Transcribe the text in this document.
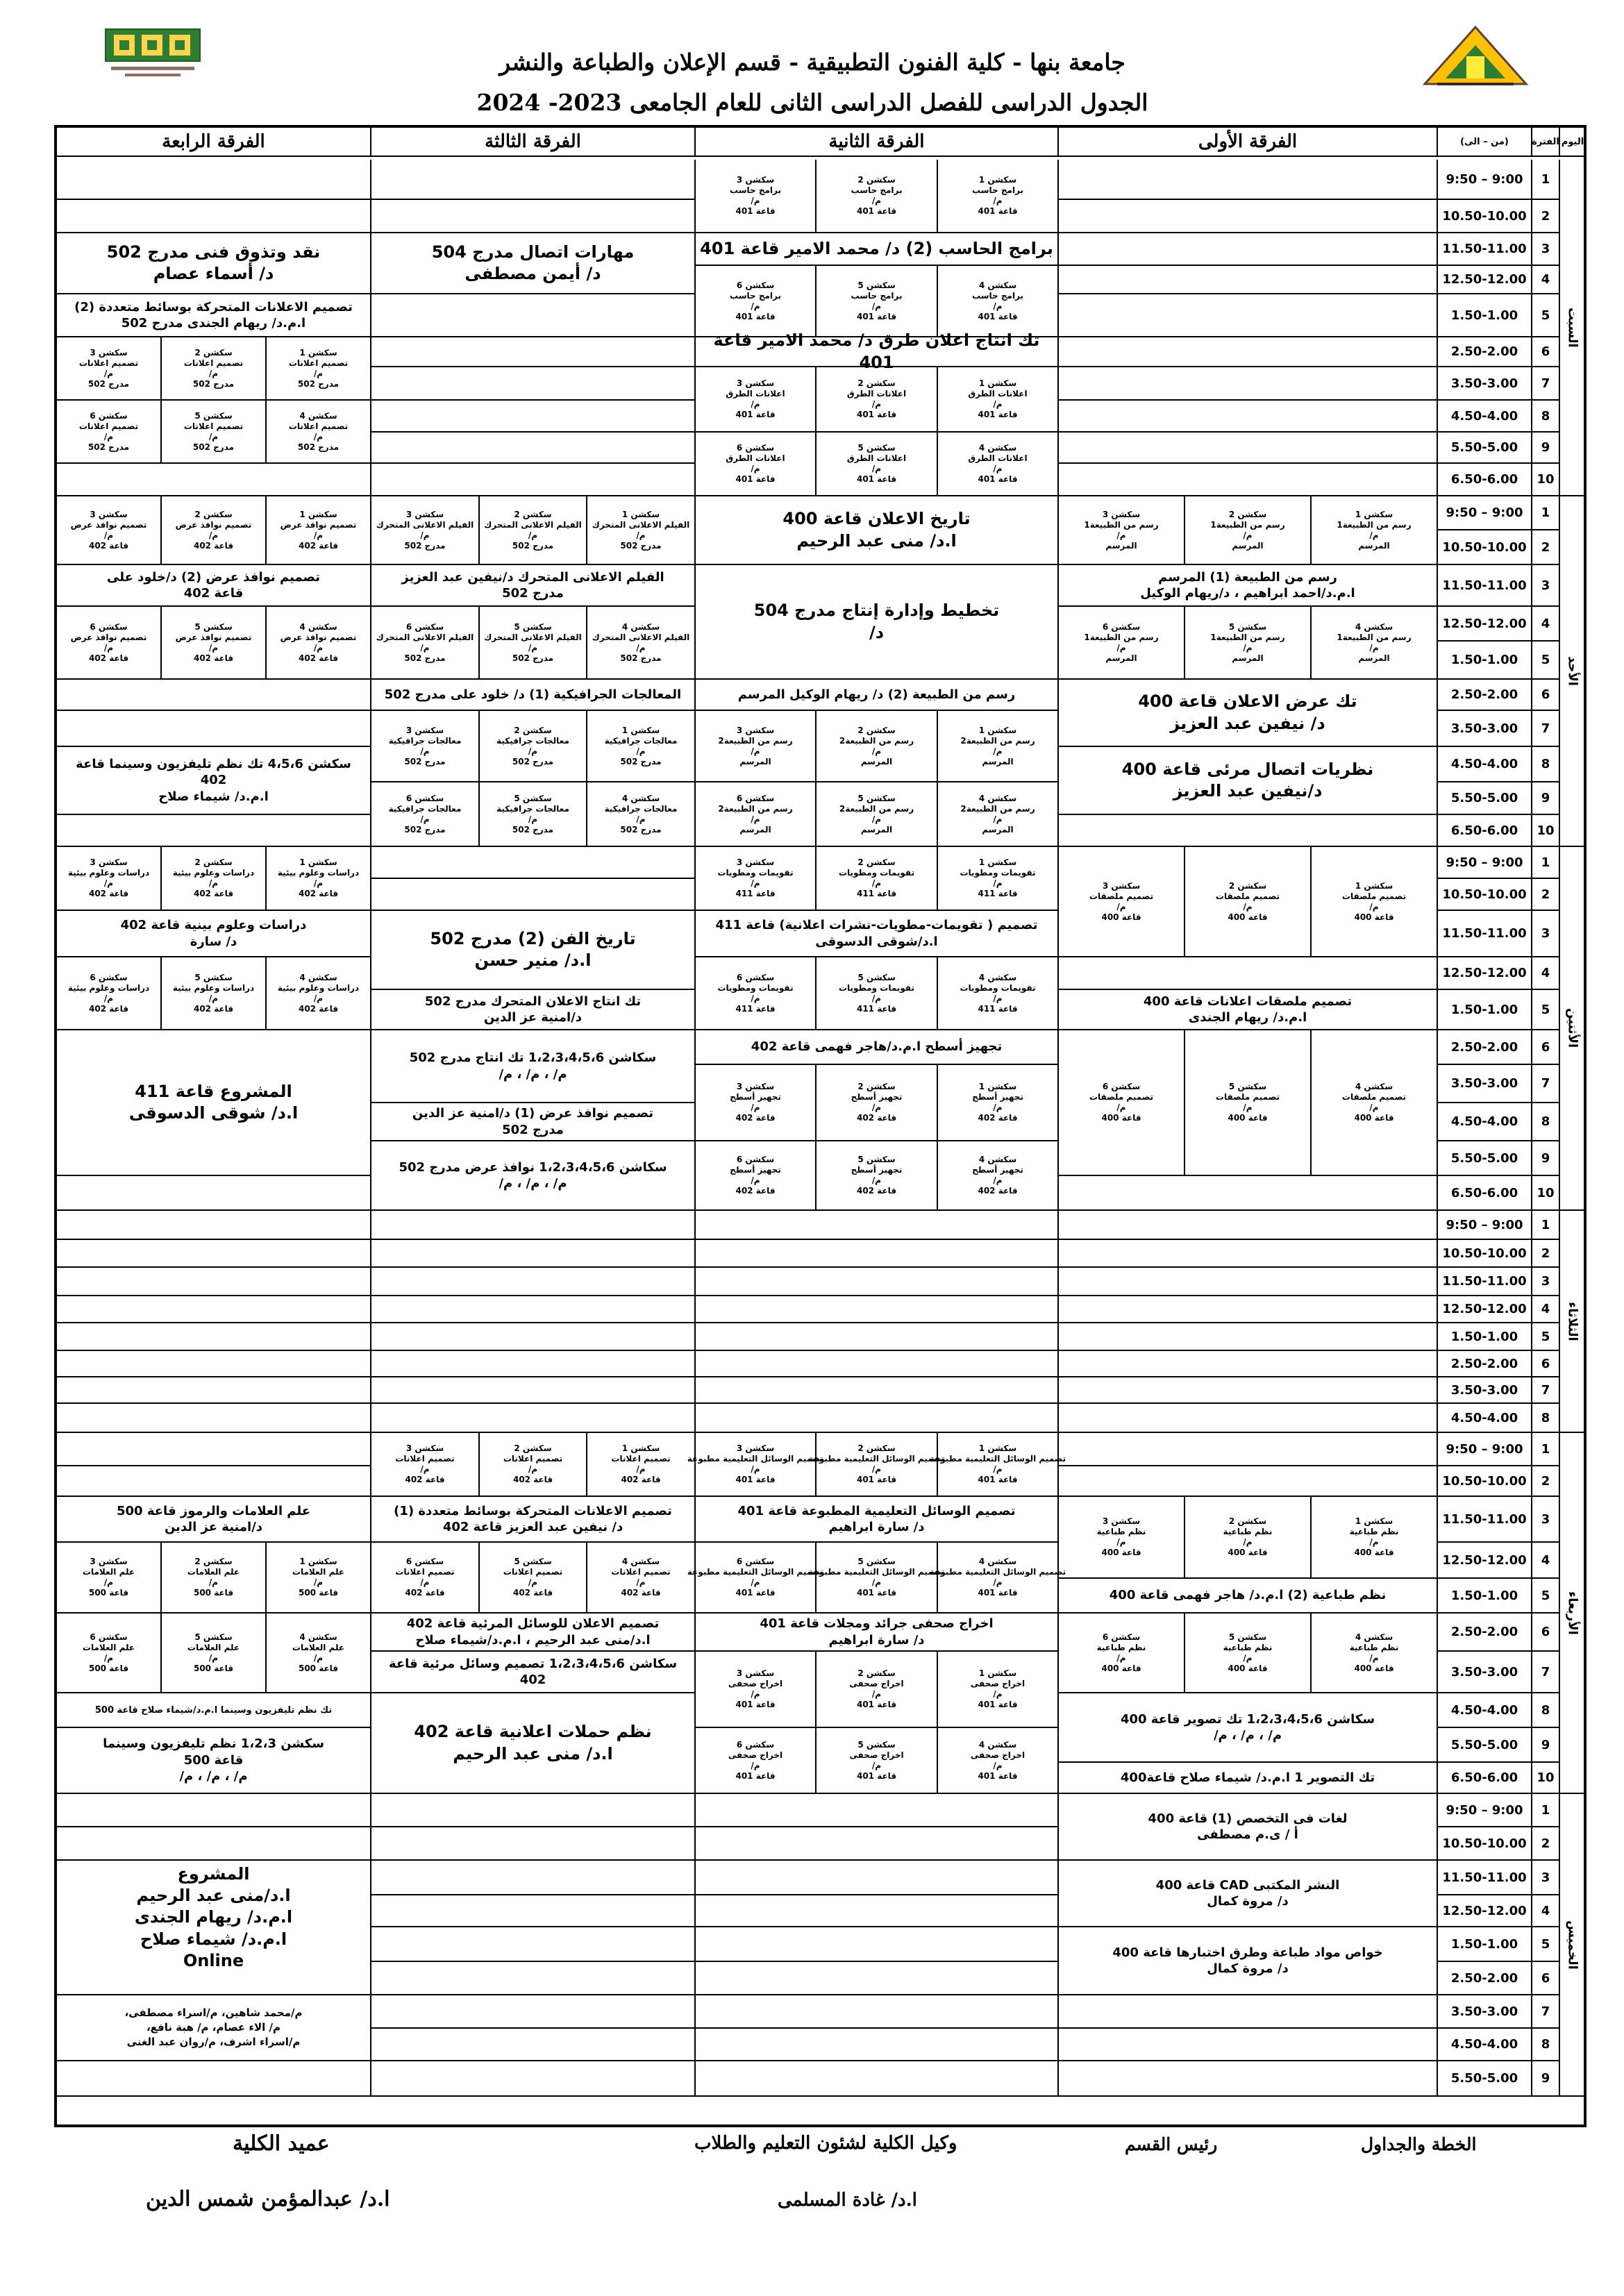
جامعة بنها - كلية الفنون التطبيقية - قسم الإعلان والطباعة والنشر
الجدول الدراسى للفصل الدراسى الثانى للعام الجامعى 2023- 2024
اليوم
الفترة
(من – الى)
الفرقة الأولى
الفرقة الثانية
الفرقة الثالثة
الفرقة الرابعة
السبت
1
9:50 – 9:00
2
10.50-10.00
3
11.50-11.00
4
12.50-12.00
5
1.50-1.00
6
2.50-2.00
7
3.50-3.00
8
4.50-4.00
9
5.50-5.00
10
6.50-6.00
الأحد
1
9:50 – 9:00
2
10.50-10.00
3
11.50-11.00
4
12.50-12.00
5
1.50-1.00
6
2.50-2.00
7
3.50-3.00
8
4.50-4.00
9
5.50-5.00
10
6.50-6.00
الأثنين
1
9:50 – 9:00
2
10.50-10.00
3
11.50-11.00
4
12.50-12.00
5
1.50-1.00
6
2.50-2.00
7
3.50-3.00
8
4.50-4.00
9
5.50-5.00
10
6.50-6.00
الثلاثاء
1
9:50 – 9:00
2
10.50-10.00
3
11.50-11.00
4
12.50-12.00
5
1.50-1.00
6
2.50-2.00
7
3.50-3.00
8
4.50-4.00
الأربعاء
1
9:50 – 9:00
2
10.50-10.00
3
11.50-11.00
4
12.50-12.00
5
1.50-1.00
6
2.50-2.00
7
3.50-3.00
8
4.50-4.00
9
5.50-5.00
10
6.50-6.00
الخميس
1
9:50 – 9:00
2
10.50-10.00
3
11.50-11.00
4
12.50-12.00
5
1.50-1.00
6
2.50-2.00
7
3.50-3.00
8
4.50-4.00
9
5.50-5.00
سكشن 1
برامج حاسب
م/
قاعة 401
سكشن 2
برامج حاسب
م/
قاعة 401
سكشن 3
برامج حاسب
م/
قاعة 401
برامج الحاسب (2) د/ محمد الامير قاعة 401
سكشن 4
برامج حاسب
م/
قاعة 401
سكشن 5
برامج حاسب
م/
قاعة 401
سكشن 6
برامج حاسب
م/
قاعة 401
تك انتاج اعلان طرق د/ محمد الامير قاعة 401
سكشن 1
اعلانات الطرق
م/
قاعة 401
سكشن 2
اعلانات الطرق
م/
قاعة 401
سكشن 3
اعلانات الطرق
م/
قاعة 401
سكشن 4
اعلانات الطرق
م/
قاعة 401
سكشن 5
اعلانات الطرق
م/
قاعة 401
سكشن 6
اعلانات الطرق
م/
قاعة 401
مهارات اتصال مدرج 504
د/ أيمن مصطفى
نقد وتذوق فنى مدرج 502
د/ أسماء عصام
تصميم الاعلانات المتحركة بوسائط متعددة (2)
ا.م.د/ ريهام الجندى مدرج 502
سكشن 1
تصميم اعلانات
م/
مدرج 502
سكشن 2
تصميم اعلانات
م/
مدرج 502
سكشن 3
تصميم اعلانات
م/
مدرج 502
سكشن 4
تصميم اعلانات
م/
مدرج 502
سكشن 5
تصميم اعلانات
م/
مدرج 502
سكشن 6
تصميم اعلانات
م/
مدرج 502
سكشن 1
رسم من الطبيعة1
م/
المرسم
سكشن 2
رسم من الطبيعة1
م/
المرسم
سكشن 3
رسم من الطبيعة1
م/
المرسم
رسم من الطبيعة (1) المرسم
ا.م.د/احمد ابراهيم ، د/ريهام الوكيل
سكشن 4
رسم من الطبيعة1
م/
المرسم
سكشن 5
رسم من الطبيعة1
م/
المرسم
سكشن 6
رسم من الطبيعة1
م/
المرسم
تك عرض الاعلان قاعة 400
د/ نيفين عبد العزيز
نظريات اتصال مرئى قاعة 400
د/نيفين عبد العزيز
تاريخ الاعلان قاعة 400
ا.د/ منى عبد الرحيم
تخطيط وإدارة إنتاج مدرج 504
د/
رسم من الطبيعة (2) د/ ريهام الوكيل المرسم
سكشن 1
رسم من الطبيعة2
م/
المرسم
سكشن 2
رسم من الطبيعة2
م/
المرسم
سكشن 3
رسم من الطبيعة2
م/
المرسم
سكشن 4
رسم من الطبيعة2
م/
المرسم
سكشن 5
رسم من الطبيعة2
م/
المرسم
سكشن 6
رسم من الطبيعة2
م/
المرسم
سكشن 1
الفيلم الاعلانى المتحرك
م/
مدرج 502
سكشن 2
الفيلم الاعلانى المتحرك
م/
مدرج 502
سكشن 3
الفيلم الاعلانى المتحرك
م/
مدرج 502
الفيلم الاعلانى المتحرك د/نيفين عبد العزيز
مدرج 502
سكشن 4
الفيلم الاعلانى المتحرك
م/
مدرج 502
سكشن 5
الفيلم الاعلانى المتحرك
م/
مدرج 502
سكشن 6
الفيلم الاعلانى المتحرك
م/
مدرج 502
المعالجات الجرافيكية (1) د/ خلود على مدرج 502
سكشن 1
معالجات جرافيكية
م/
مدرج 502
سكشن 2
معالجات جرافيكية
م/
مدرج 502
سكشن 3
معالجات جرافيكية
م/
مدرج 502
سكشن 4
معالجات جرافيكية
م/
مدرج 502
سكشن 5
معالجات جرافيكية
م/
مدرج 502
سكشن 6
معالجات جرافيكية
م/
مدرج 502
سكشن 1
تصميم نوافذ عرض
م/
قاعة 402
سكشن 2
تصميم نوافذ عرض
م/
قاعة 402
سكشن 3
تصميم نوافذ عرض
م/
قاعة 402
تصميم نوافذ عرض (2) د/خلود على
قاعة 402
سكشن 4
تصميم نوافذ عرض
م/
قاعة 402
سكشن 5
تصميم نوافذ عرض
م/
قاعة 402
سكشن 6
تصميم نوافذ عرض
م/
قاعة 402
سكشن 4،5،6 تك نظم تليفزيون وسينما قاعة 402
ا.م.د/ شيماء صلاح
سكشن 1
تصميم ملصقات
م/
قاعة 400
سكشن 2
تصميم ملصقات
م/
قاعة 400
سكشن 3
تصميم ملصقات
م/
قاعة 400
تصميم ملصقات اعلانات قاعة 400
ا.م.د/ ريهام الجندى
سكشن 4
تصميم ملصقات
م/
قاعة 400
سكشن 5
تصميم ملصقات
م/
قاعة 400
سكشن 6
تصميم ملصقات
م/
قاعة 400
سكشن 1
تقويمات ومطويات
م/
قاعة 411
سكشن 2
تقويمات ومطويات
م/
قاعة 411
سكشن 3
تقويمات ومطويات
م/
قاعة 411
تصميم ( تقويمات-مطويات-نشرات اعلانية) قاعة 411
ا.د/شوقى الدسوقى
سكشن 4
تقويمات ومطويات
م/
قاعة 411
سكشن 5
تقويمات ومطويات
م/
قاعة 411
سكشن 6
تقويمات ومطويات
م/
قاعة 411
تجهيز أسطح ا.م.د/هاجر فهمى قاعة 402
سكشن 1
تجهيز أسطح
م/
قاعة 402
سكشن 2
تجهيز أسطح
م/
قاعة 402
سكشن 3
تجهيز أسطح
م/
قاعة 402
سكشن 4
تجهيز أسطح
م/
قاعة 402
سكشن 5
تجهيز أسطح
م/
قاعة 402
سكشن 6
تجهيز أسطح
م/
قاعة 402
تاريخ الفن (2) مدرج 502
ا.د/ منير حسن
تك انتاج الاعلان المتحرك مدرج 502
د/امنية عز الدين
سكاشن 1،2،3،4،5،6 تك انتاج مدرج 502
م/ ، م/ ، م/
تصميم نوافذ عرض (1) د/امنية عز الدين
مدرج 502
سكاشن 1،2،3،4،5،6 نوافذ عرض مدرج 502
م/ ، م/ ، م/
سكشن 1
دراسات وعلوم بيئية
م/
قاعة 402
سكشن 2
دراسات وعلوم بيئية
م/
قاعة 402
سكشن 3
دراسات وعلوم بيئية
م/
قاعة 402
دراسات وعلوم بينية قاعة 402
د/ سارة
سكشن 4
دراسات وعلوم بيئية
م/
قاعة 402
سكشن 5
دراسات وعلوم بيئية
م/
قاعة 402
سكشن 6
دراسات وعلوم بيئية
م/
قاعة 402
المشروع قاعة 411
ا.د/ شوقى الدسوقى
سكشن 1
نظم طباعية
م/
قاعة 400
سكشن 2
نظم طباعية
م/
قاعة 400
سكشن 3
نظم طباعية
م/
قاعة 400
نظم طباعية (2) ا.م.د/ هاجر فهمى قاعة 400
سكشن 4
نظم طباعية
م/
قاعة 400
سكشن 5
نظم طباعية
م/
قاعة 400
سكشن 6
نظم طباعية
م/
قاعة 400
سكاشن 1،2،3،4،5،6 تك تصوير قاعة 400
م/ ، م/ ، م/
تك التصوير 1 ا.م.د/ شيماء صلاح قاعة400
سكشن 1
تصميم الوسائل التعليمية مطبوعة
م/
قاعة 401
سكشن 2
تصميم الوسائل التعليمية مطبوعة
م/
قاعة 401
سكشن 3
تصميم الوسائل التعليمية مطبوعة
م/
قاعة 401
تصميم الوسائل التعليمية المطبوعة قاعة 401
د/ سارة ابراهيم
سكشن 4
تصميم الوسائل التعليمية مطبوعة
م/
قاعة 401
سكشن 5
تصميم الوسائل التعليمية مطبوعة
م/
قاعة 401
سكشن 6
تصميم الوسائل التعليمية مطبوعة
م/
قاعة 401
اخراج صحفى جرائد ومجلات قاعة 401
د/ سارة ابراهيم
سكشن 1
اخراج صحفى
م/
قاعة 401
سكشن 2
اخراج صحفى
م/
قاعة 401
سكشن 3
اخراج صحفى
م/
قاعة 401
سكشن 4
اخراج صحفى
م/
قاعة 401
سكشن 5
اخراج صحفى
م/
قاعة 401
سكشن 6
اخراج صحفى
م/
قاعة 401
سكشن 1
تصميم اعلانات
م/
قاعة 402
سكشن 2
تصميم اعلانات
م/
قاعة 402
سكشن 3
تصميم اعلانات
م/
قاعة 402
تصميم الاعلانات المتحركة بوسائط متعددة (1)
د/ نيفين عبد العزيز قاعة 402
سكشن 4
تصميم اعلانات
م/
قاعة 402
سكشن 5
تصميم اعلانات
م/
قاعة 402
سكشن 6
تصميم اعلانات
م/
قاعة 402
تصميم الاعلان للوسائل المرئية قاعة 402
ا.د/منى عبد الرحيم ، ا.م.د/شيماء صلاح
سكاشن 1،2،3،4،5،6 تصميم وسائل مرئية قاعة
402
نظم حملات اعلانية قاعة 402
ا.د/ منى عبد الرحيم
علم العلامات والرموز قاعة 500
د/امنية عز الدين
سكشن 1
علم العلامات
م/
قاعة 500
سكشن 2
علم العلامات
م/
قاعة 500
سكشن 3
علم العلامات
م/
قاعة 500
سكشن 4
علم العلامات
م/
قاعة 500
سكشن 5
علم العلامات
م/
قاعة 500
سكشن 6
علم العلامات
م/
قاعة 500
تك نظم تليفزيون وسينما ا.م.د/شيماء صلاح قاعة 500
سكشن 1،2،3 نظم تليفزيون وسينما
قاعة 500
م/ ، م/ ، م/
لغات فى التخصص (1) قاعة 400
أ / ى.م مصطفى
النشر المكتبى CAD قاعة 400
د/ مروة كمال
خواص مواد طباعة وطرق اختبارها قاعة 400
د/ مروة كمال
المشروع
ا.د/منى عبد الرحيم
ا.م.د/ ريهام الجندى
ا.م.د/ شيماء صلاح
Online
م/محمد شاهين، م/اسراء مصطفى،
م/ الاء عصام، م/ هبة نافع،
م/اسراء اشرف، م/روان عبد الغنى
الخطة والجداول
رئيس القسم
وكيل الكلية لشئون التعليم والطلاب
ا.د/ غادة المسلمى
عميد الكلية
ا.د/ عبدالمؤمن شمس الدين
